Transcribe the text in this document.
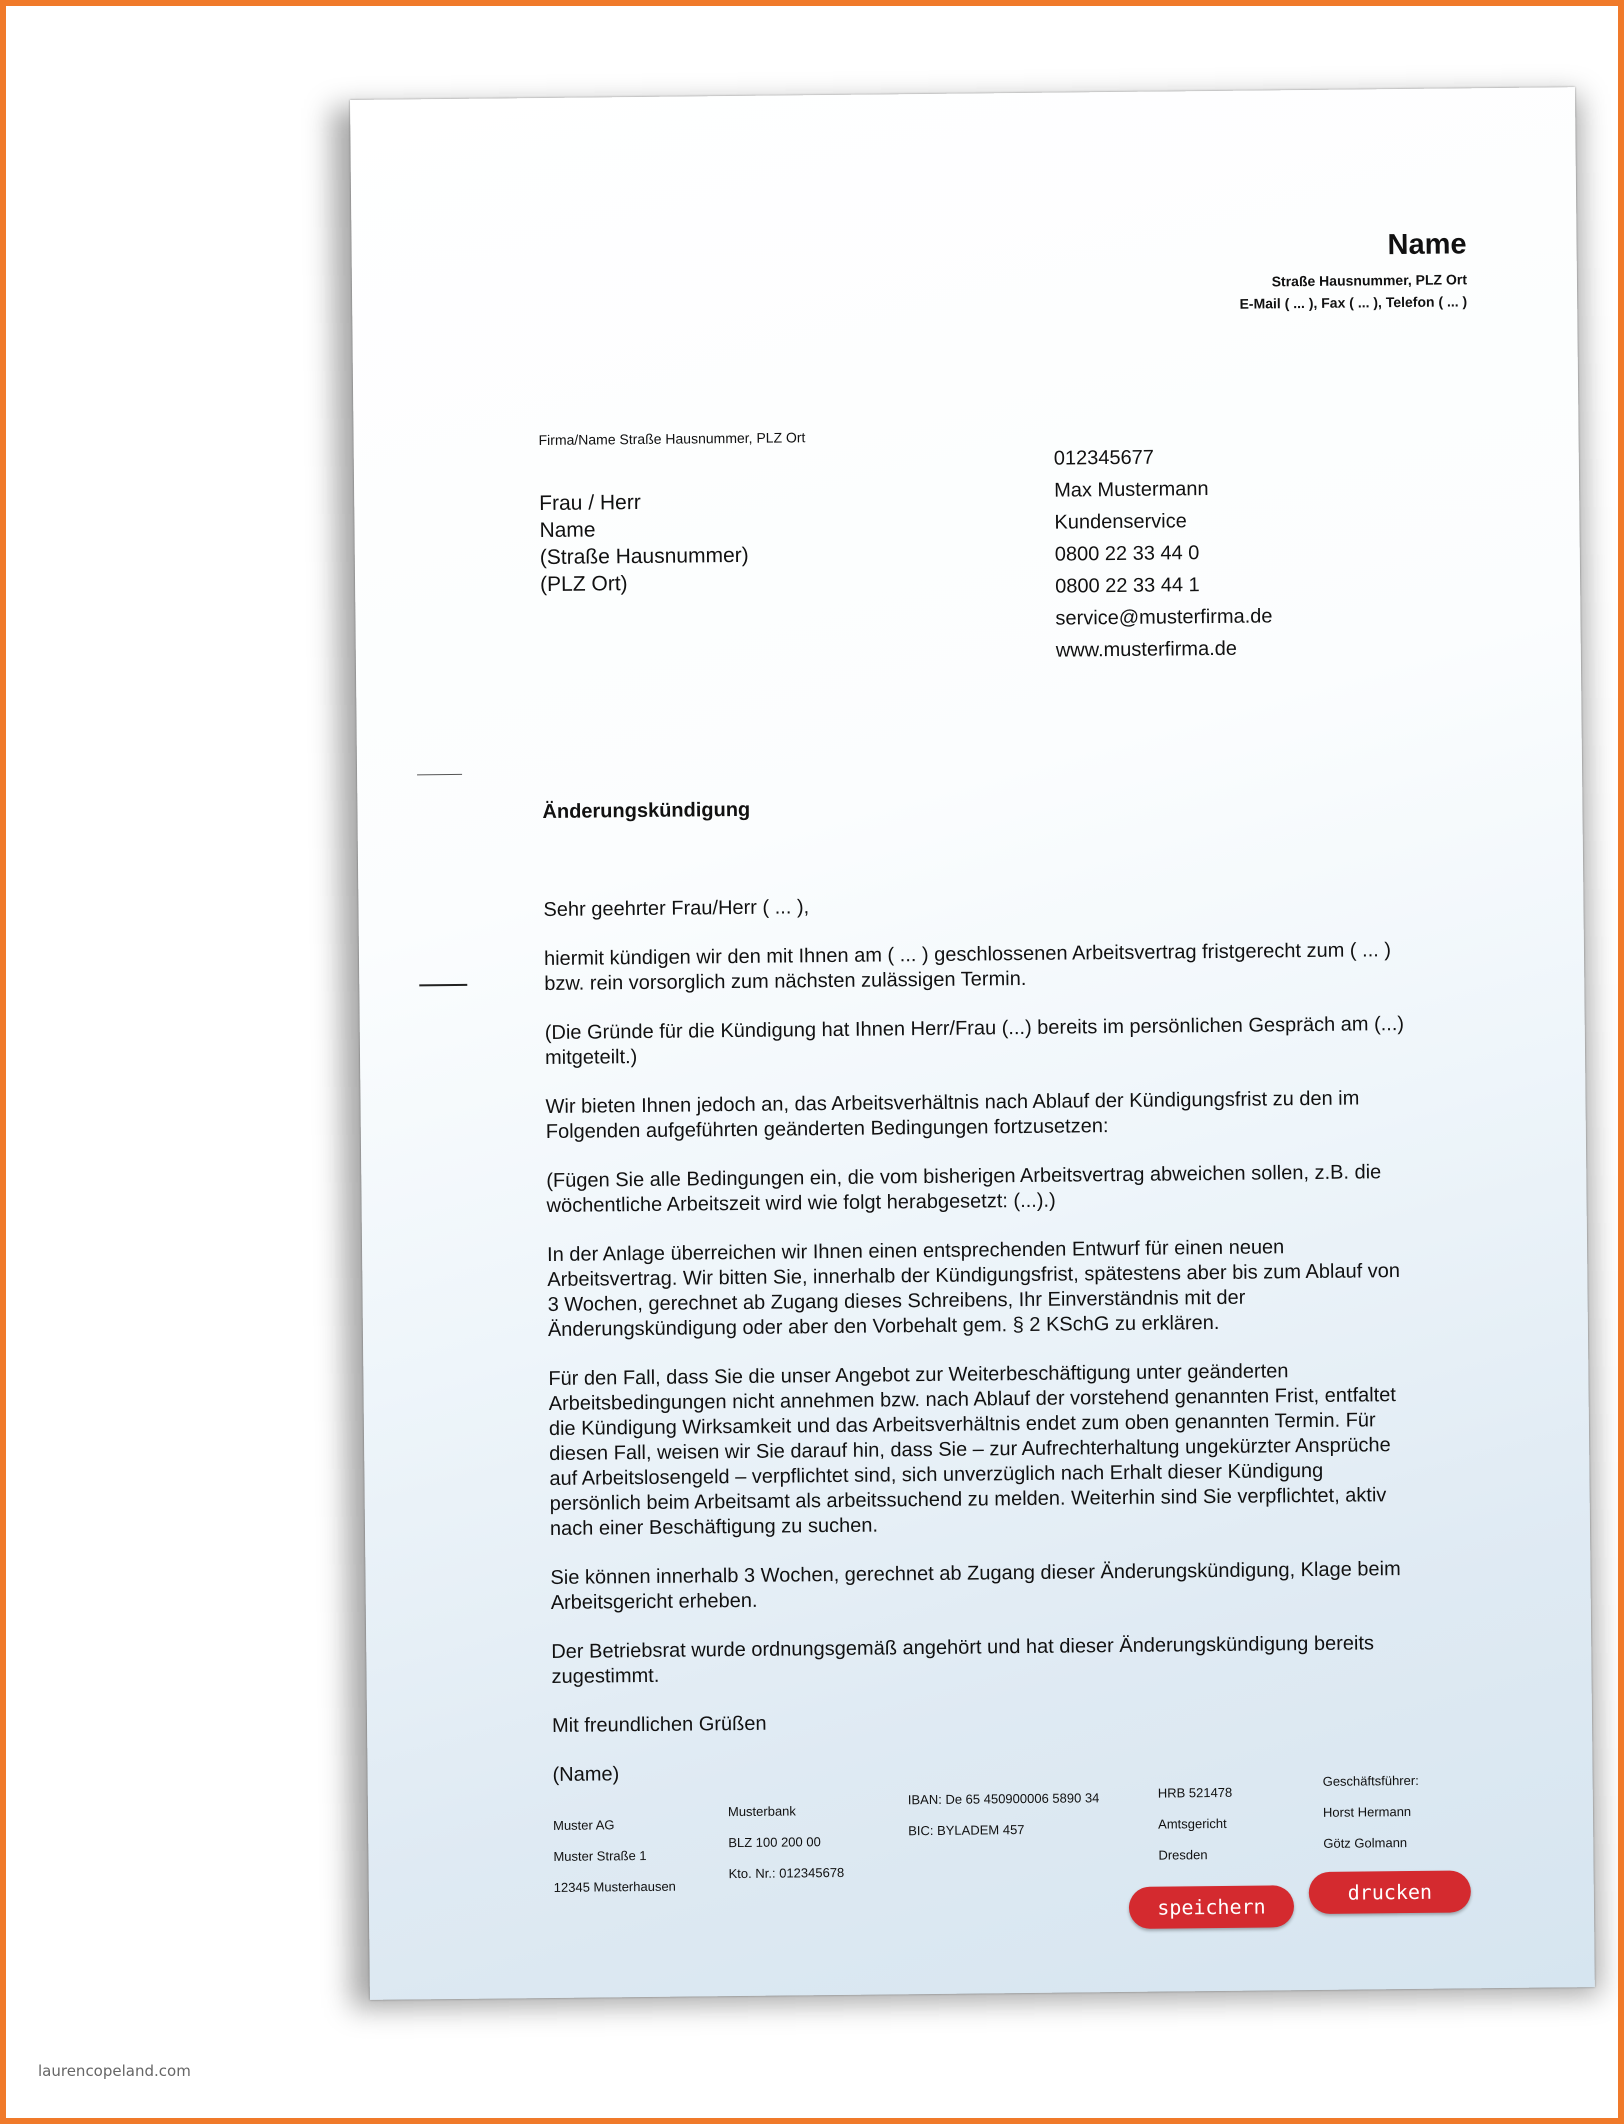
Name
Straße Hausnummer, PLZ Ort
E-Mail ( ... ), Fax ( ... ), Telefon ( ... )
Firma/Name Straße Hausnummer, PLZ Ort
Frau / Herr
Name
(Straße Hausnummer)
(PLZ Ort)
012345677
Max Mustermann
Kundenservice
0800 22 33 44 0
0800 22 33 44 1
service@musterfirma.de
www.musterfirma.de
Änderungskündigung

Sehr geehrter Frau/Herr ( ... ),

hiermit kündigen wir den mit Ihnen am ( ... ) geschlossenen Arbeitsvertrag fristgerecht zum ( ... ) bzw. rein vorsorglich zum nächsten zulässigen Termin.

(Die Gründe für die Kündigung hat Ihnen Herr/Frau (...) bereits im persönlichen Gespräch am (...) mitgeteilt.)

Wir bieten Ihnen jedoch an, das Arbeitsverhältnis nach Ablauf der Kündigungsfrist zu den im Folgenden aufgeführten geänderten Bedingungen fortzusetzen:

(Fügen Sie alle Bedingungen ein, die vom bisherigen Arbeitsvertrag abweichen sollen, z.B. die wöchentliche Arbeitszeit wird wie folgt herabgesetzt: (...).)

In der Anlage überreichen wir Ihnen einen entsprechenden Entwurf für einen neuen Arbeitsvertrag. Wir bitten Sie, innerhalb der Kündigungsfrist, spätestens aber bis zum Ablauf von 3 Wochen, gerechnet ab Zugang dieses Schreibens, Ihr Einverständnis mit der Änderungskündigung oder aber den Vorbehalt gem. § 2 KSchG zu erklären.

Für den Fall, dass Sie die unser Angebot zur Weiterbeschäftigung unter geänderten Arbeitsbedingungen nicht annehmen bzw. nach Ablauf der vorstehend genannten Frist, entfaltet die Kündigung Wirksamkeit und das Arbeitsverhältnis endet zum oben genannten Termin. Für diesen Fall, weisen wir Sie darauf hin, dass Sie – zur Aufrechterhaltung ungekürzter Ansprüche auf Arbeitslosengeld – verpflichtet sind, sich unverzüglich nach Erhalt dieser Kündigung persönlich beim Arbeitsamt als arbeitssuchend zu melden. Weiterhin sind Sie verpflichtet, aktiv nach einer Beschäftigung zu suchen.

Sie können innerhalb 3 Wochen, gerechnet ab Zugang dieser Änderungskündigung, Klage beim Arbeitsgericht erheben.

Der Betriebsrat wurde ordnungsgemäß angehört und hat dieser Änderungskündigung bereits zugestimmt.

Mit freundlichen Grüßen

(Name)

Muster AG
Muster Straße 1
12345 Musterhausen
Musterbank
BLZ 100 200 00
Kto. Nr.: 012345678
IBAN: De 65 450900006 5890 34
BIC: BYLADEM 457
HRB 521478
Amtsgericht
Dresden
Geschäftsführer:
Horst Hermann
Götz Golmann
speichern
drucken
laurencopeland.com
